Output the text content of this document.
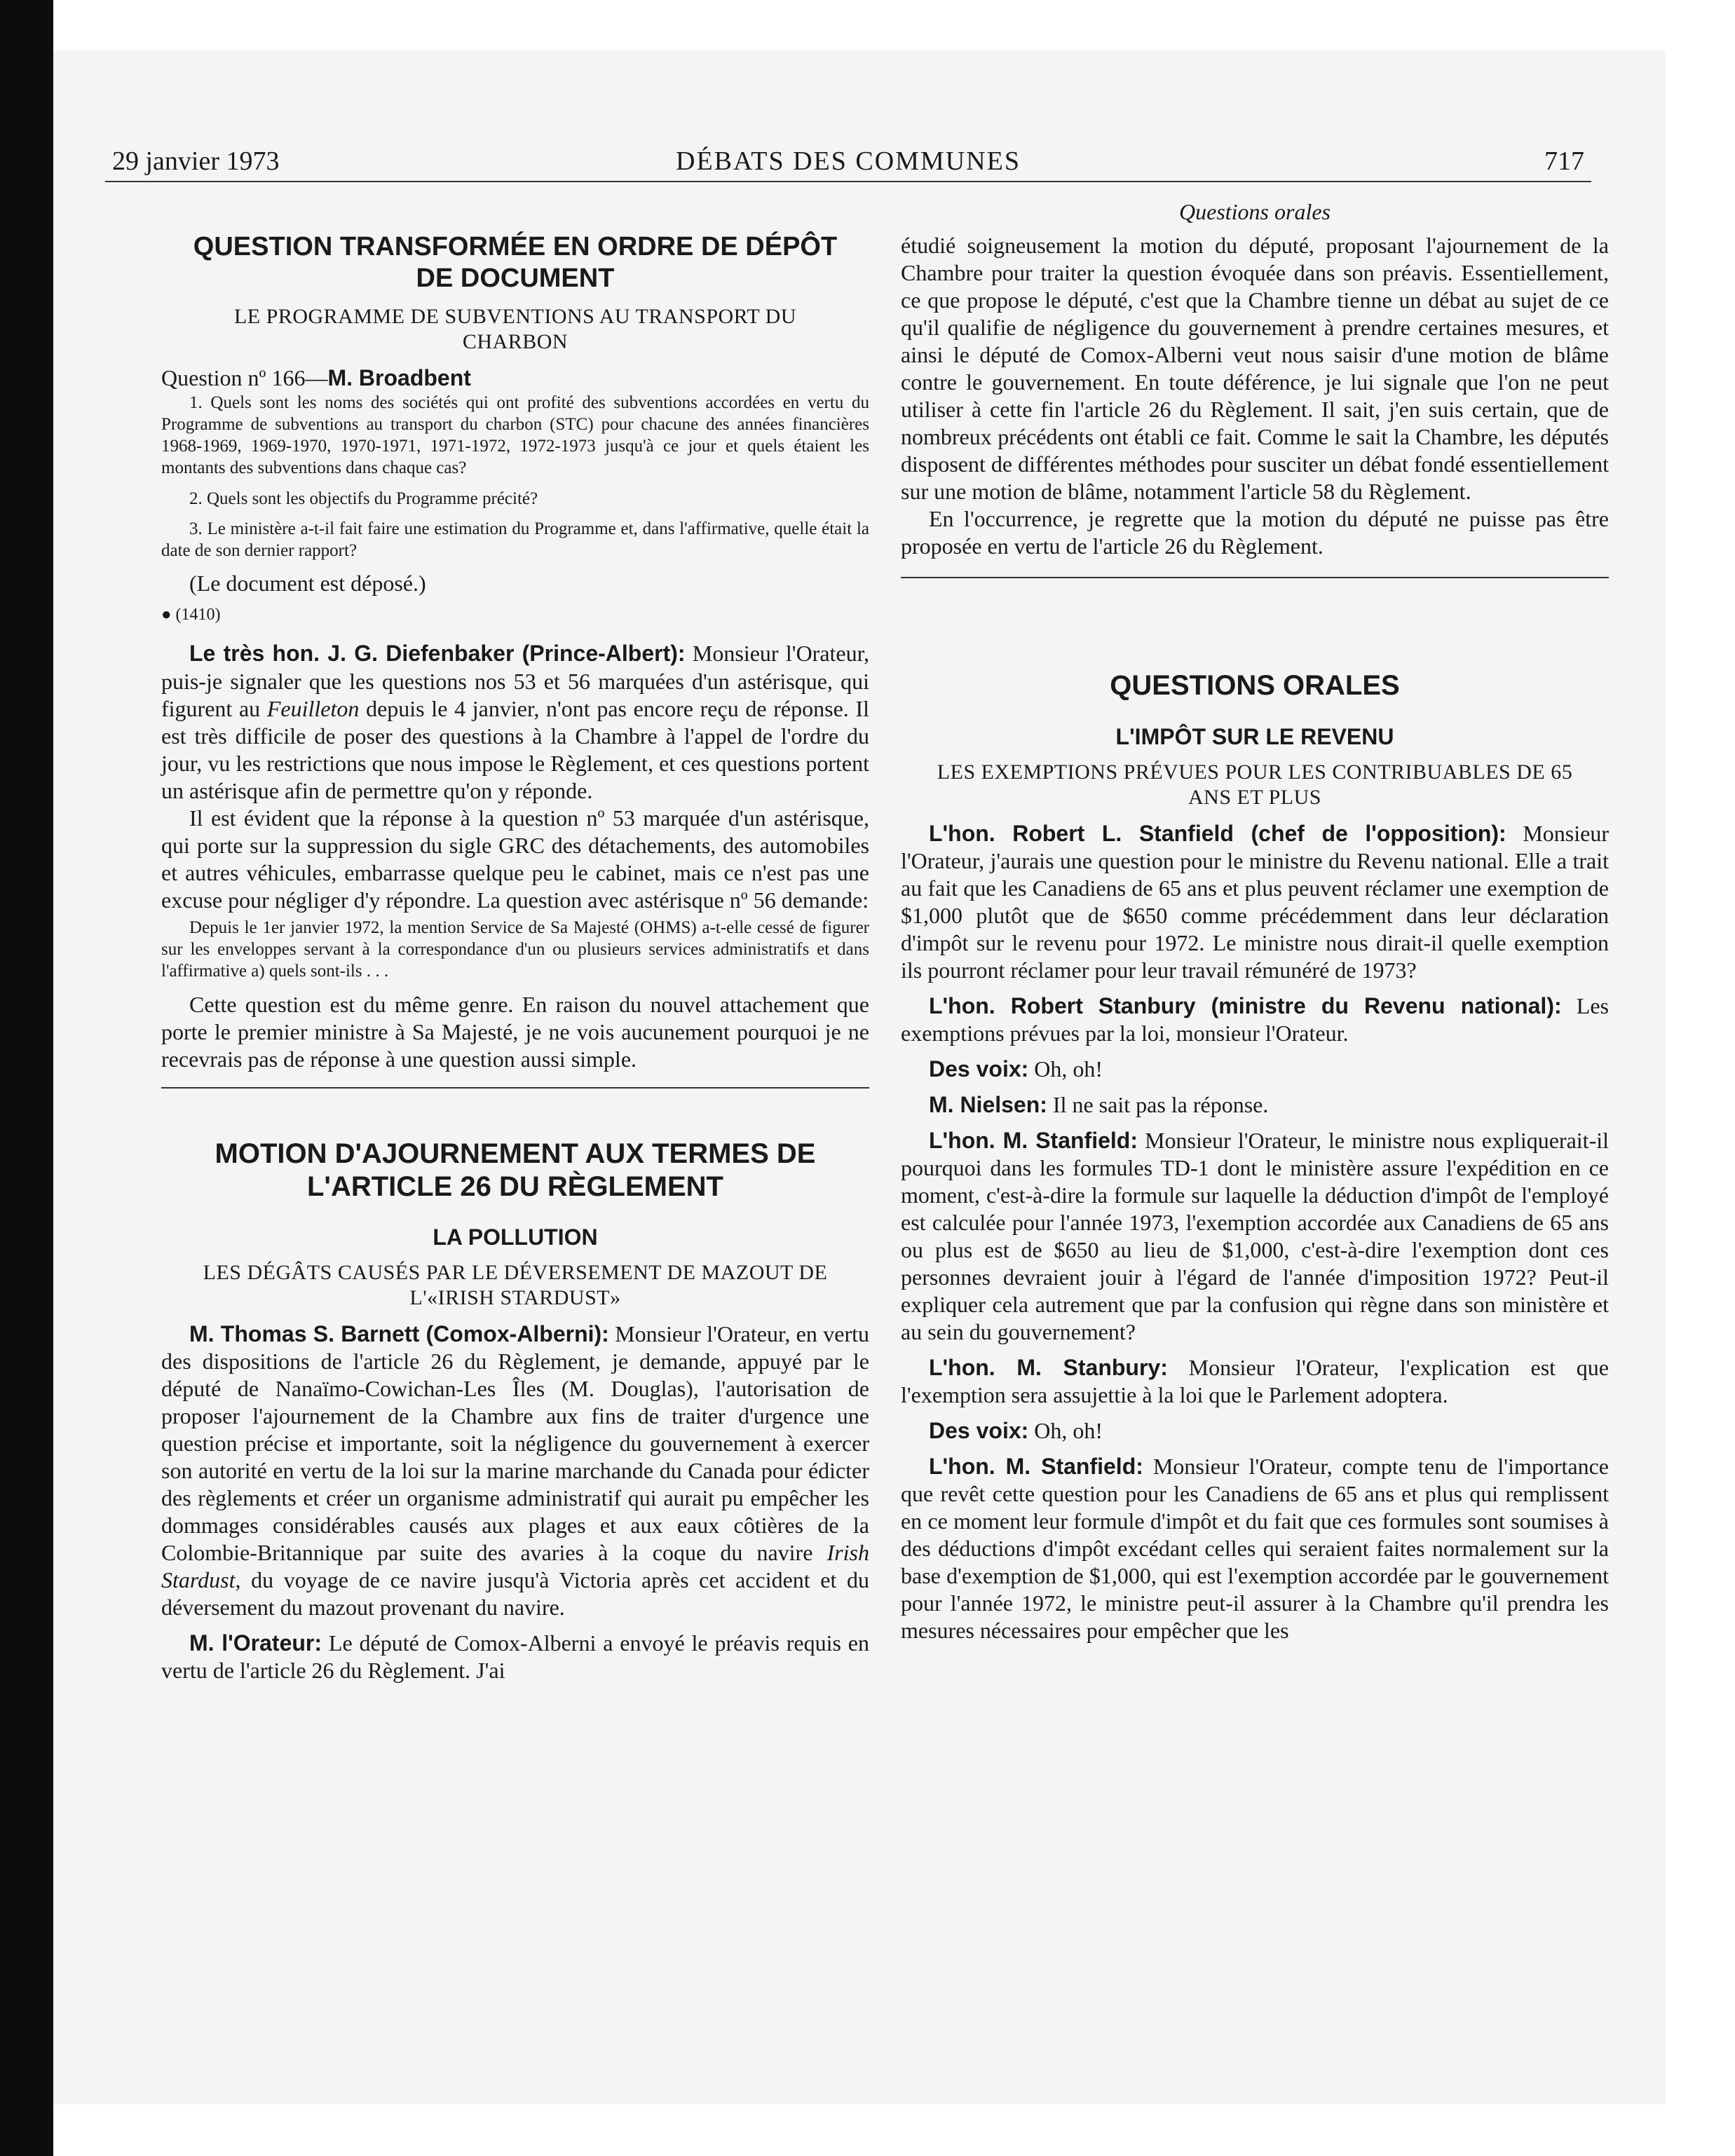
29 janvier 1973	DÉBATS DES COMMUNES	717
QUESTION TRANSFORMÉE EN ORDRE DE DÉPÔT DE DOCUMENT
LE PROGRAMME DE SUBVENTIONS AU TRANSPORT DU CHARBON

Question nº 166—M. Broadbent

1. Quels sont les noms des sociétés qui ont profité des subventions accordées en vertu du Programme de subventions au transport du charbon (STC) pour chacune des années financières 1968-1969, 1969-1970, 1970-1971, 1971-1972, 1972-1973 jusqu'à ce jour et quels étaient les montants des subventions dans chaque cas?

2. Quels sont les objectifs du Programme précité?

3. Le ministère a-t-il fait faire une estimation du Programme et, dans l'affirmative, quelle était la date de son dernier rapport?

(Le document est déposé.)

● (1410)

Le très hon. J. G. Diefenbaker (Prince-Albert): Monsieur l'Orateur, puis-je signaler que les questions nos 53 et 56 marquées d'un astérisque, qui figurent au Feuilleton depuis le 4 janvier, n'ont pas encore reçu de réponse. Il est très difficile de poser des questions à la Chambre à l'appel de l'ordre du jour, vu les restrictions que nous impose le Règlement, et ces questions portent un astérisque afin de permettre qu'on y réponde.

Il est évident que la réponse à la question nº 53 marquée d'un astérisque, qui porte sur la suppression du sigle GRC des détachements, des automobiles et autres véhicules, embarrasse quelque peu le cabinet, mais ce n'est pas une excuse pour négliger d'y répondre. La question avec astérisque nº 56 demande:

Depuis le 1er janvier 1972, la mention Service de Sa Majesté (OHMS) a-t-elle cessé de figurer sur les enveloppes servant à la correspondance d'un ou plusieurs services administratifs et dans l'affirmative a) quels sont-ils . . .

Cette question est du même genre. En raison du nouvel attachement que porte le premier ministre à Sa Majesté, je ne vois aucunement pourquoi je ne recevrais pas de réponse à une question aussi simple.

MOTION D'AJOURNEMENT AUX TERMES DE L'ARTICLE 26 DU RÈGLEMENT
LA POLLUTION
LES DÉGÂTS CAUSÉS PAR LE DÉVERSEMENT DE MAZOUT DE L'«IRISH STARDUST»

M. Thomas S. Barnett (Comox-Alberni): Monsieur l'Orateur, en vertu des dispositions de l'article 26 du Règlement, je demande, appuyé par le député de Nanaïmo-Cowichan-Les Îles (M. Douglas), l'autorisation de proposer l'ajournement de la Chambre aux fins de traiter d'urgence une question précise et importante, soit la négligence du gouvernement à exercer son autorité en vertu de la loi sur la marine marchande du Canada pour édicter des règlements et créer un organisme administratif qui aurait pu empêcher les dommages considérables causés aux plages et aux eaux côtières de la Colombie-Britannique par suite des avaries à la coque du navire Irish Stardust, du voyage de ce navire jusqu'à Victoria après cet accident et du déversement du mazout provenant du navire.

M. l'Orateur: Le député de Comox-Alberni a envoyé le préavis requis en vertu de l'article 26 du Règlement. J'ai

Questions orales

étudié soigneusement la motion du député, proposant l'ajournement de la Chambre pour traiter la question évoquée dans son préavis. Essentiellement, ce que propose le député, c'est que la Chambre tienne un débat au sujet de ce qu'il qualifie de négligence du gouvernement à prendre certaines mesures, et ainsi le député de Comox-Alberni veut nous saisir d'une motion de blâme contre le gouvernement. En toute déférence, je lui signale que l'on ne peut utiliser à cette fin l'article 26 du Règlement. Il sait, j'en suis certain, que de nombreux précédents ont établi ce fait. Comme le sait la Chambre, les députés disposent de différentes méthodes pour susciter un débat fondé essentiellement sur une motion de blâme, notamment l'article 58 du Règlement.

En l'occurrence, je regrette que la motion du député ne puisse pas être proposée en vertu de l'article 26 du Règlement.

QUESTIONS ORALES
L'IMPÔT SUR LE REVENU
LES EXEMPTIONS PRÉVUES POUR LES CONTRIBUABLES DE 65 ANS ET PLUS

L'hon. Robert L. Stanfield (chef de l'opposition): Monsieur l'Orateur, j'aurais une question pour le ministre du Revenu national. Elle a trait au fait que les Canadiens de 65 ans et plus peuvent réclamer une exemption de $1,000 plutôt que de $650 comme précédemment dans leur déclaration d'impôt sur le revenu pour 1972. Le ministre nous dirait-il quelle exemption ils pourront réclamer pour leur travail rémunéré de 1973?

L'hon. Robert Stanbury (ministre du Revenu national): Les exemptions prévues par la loi, monsieur l'Orateur.

Des voix: Oh, oh!

M. Nielsen: Il ne sait pas la réponse.

L'hon. M. Stanfield: Monsieur l'Orateur, le ministre nous expliquerait-il pourquoi dans les formules TD-1 dont le ministère assure l'expédition en ce moment, c'est-à-dire la formule sur laquelle la déduction d'impôt de l'employé est calculée pour l'année 1973, l'exemption accordée aux Canadiens de 65 ans ou plus est de $650 au lieu de $1,000, c'est-à-dire l'exemption dont ces personnes devraient jouir à l'égard de l'année d'imposition 1972? Peut-il expliquer cela autrement que par la confusion qui règne dans son ministère et au sein du gouvernement?

L'hon. M. Stanbury: Monsieur l'Orateur, l'explication est que l'exemption sera assujettie à la loi que le Parlement adoptera.

Des voix: Oh, oh!

L'hon. M. Stanfield: Monsieur l'Orateur, compte tenu de l'importance que revêt cette question pour les Canadiens de 65 ans et plus qui remplissent en ce moment leur formule d'impôt et du fait que ces formules sont soumises à des déductions d'impôt excédant celles qui seraient faites normalement sur la base d'exemption de $1,000, qui est l'exemption accordée par le gouvernement pour l'année 1972, le ministre peut-il assurer à la Chambre qu'il prendra les mesures nécessaires pour empêcher que les
